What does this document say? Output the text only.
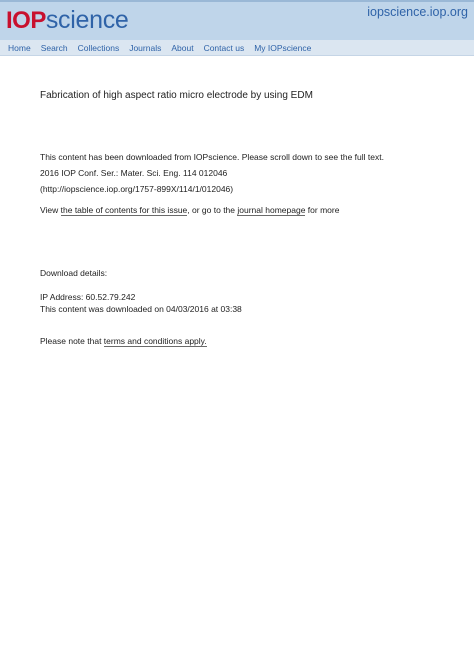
IOP science	iopscience.iop.org
Home Search Collections Journals About Contact us My IOPscience
Fabrication of high aspect ratio micro electrode by using EDM
This content has been downloaded from IOPscience. Please scroll down to see the full text.
2016 IOP Conf. Ser.: Mater. Sci. Eng. 114 012046
(http://iopscience.iop.org/1757-899X/114/1/012046)
View the table of contents for this issue, or go to the journal homepage for more
Download details:
IP Address: 60.52.79.242
This content was downloaded on 04/03/2016 at 03:38
Please note that terms and conditions apply.
